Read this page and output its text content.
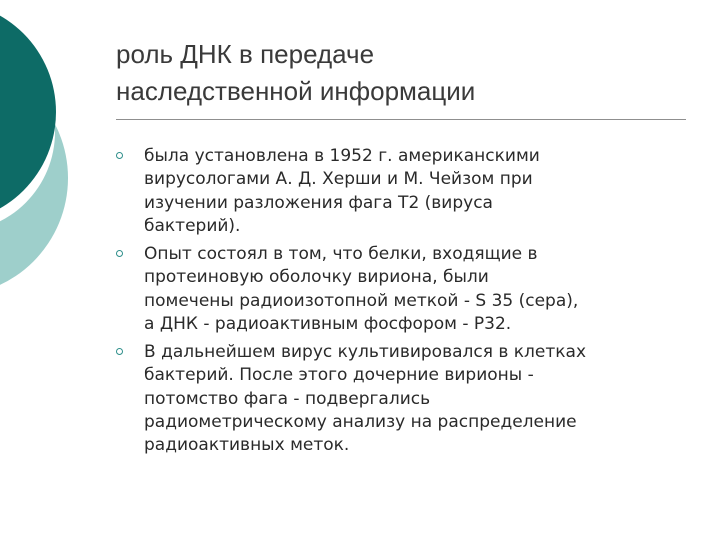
роль ДНК в передаче
наследственной информации
была установлена в 1952 г. американскими
вирусологами А. Д. Херши и М. Чейзом при
изучении разложения фага Т2 (вируса
бактерий).
Опыт состоял в том, что белки, входящие в
протеиновую оболочку вириона, были
помечены радиоизотопной меткой - S 35 (сера),
а ДНК - радиоактивным фосфором - Р32.
В дальнейшем вирус культивировался в клетках
бактерий. После этого дочерние вирионы -
потомство фага - подвергались
радиометрическому анализу на распределение
радиоактивных меток.
